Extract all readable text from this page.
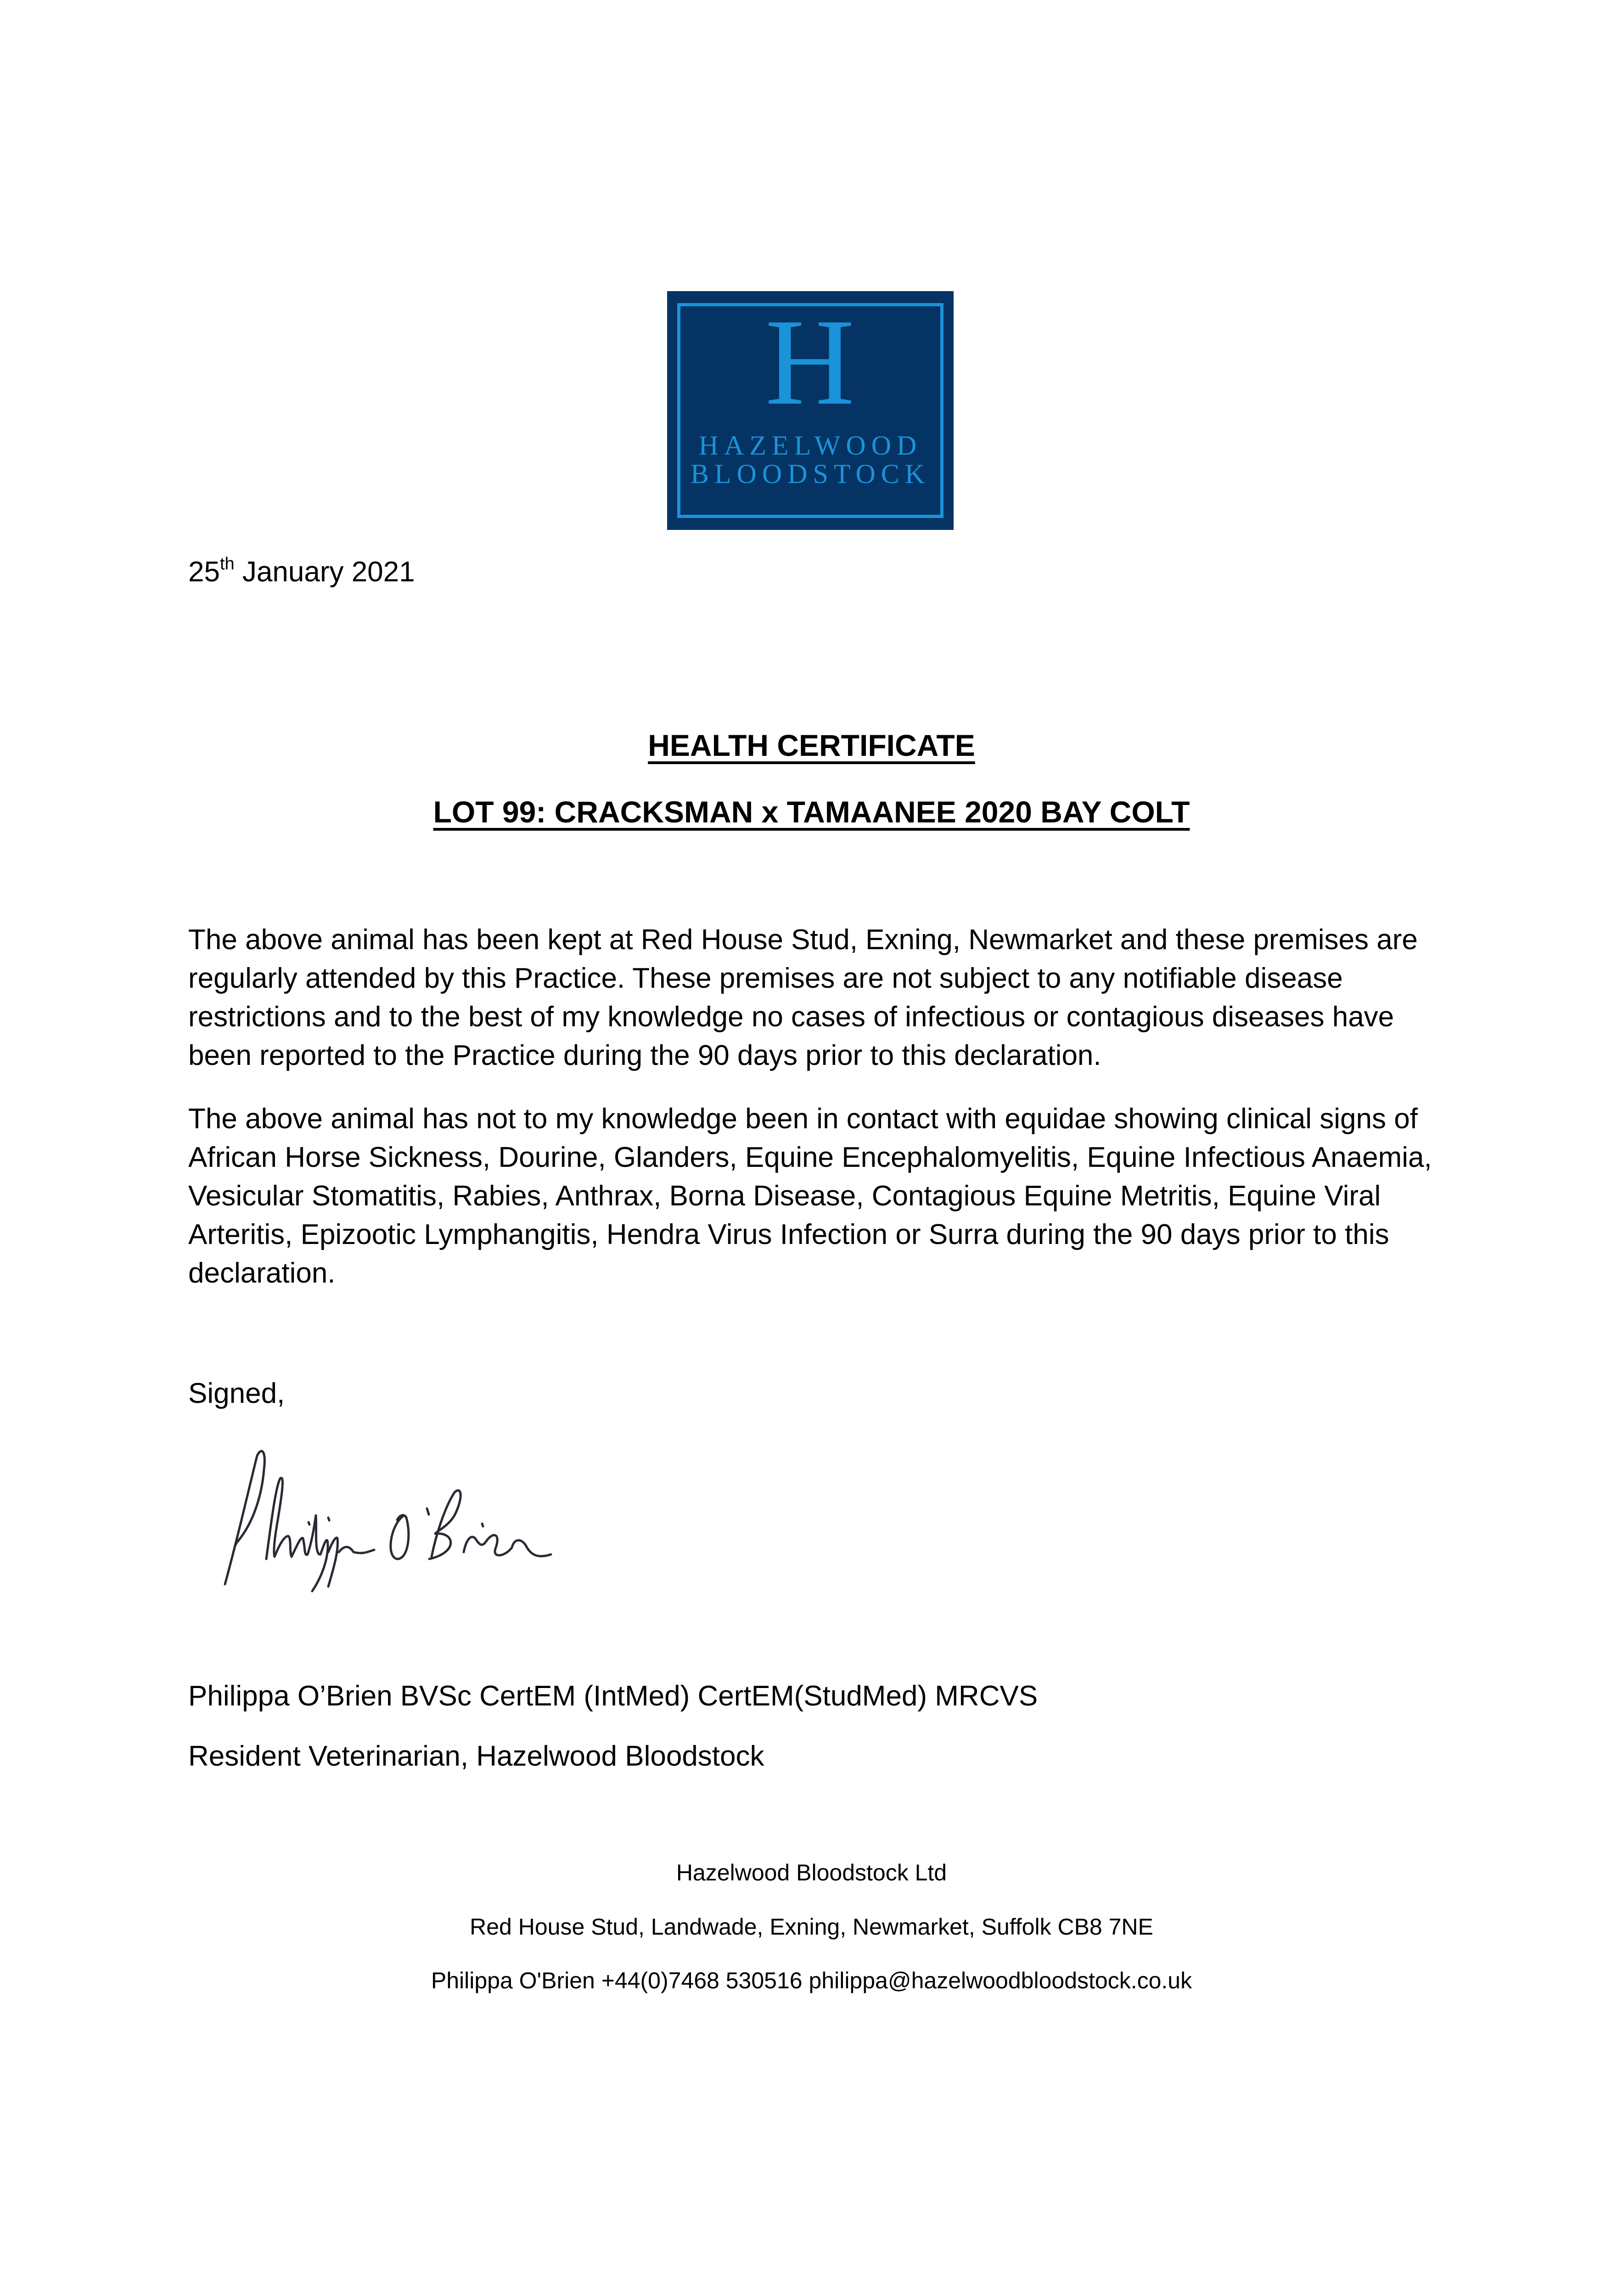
H
HAZELWOOD
BLOODSTOCK
25th January 2021
HEALTH CERTIFICATE
LOT 99: CRACKSMAN x TAMAANEE 2020 BAY COLT

The above animal has been kept at Red House Stud, Exning, Newmarket and these premises are regularly attended by this Practice. These premises are not subject to any notifiable disease restrictions and to the best of my knowledge no cases of infectious or contagious diseases have been reported to the Practice during the 90 days prior to this declaration.

The above animal has not to my knowledge been in contact with equidae showing clinical signs of African Horse Sickness, Dourine, Glanders, Equine Encephalomyelitis, Equine Infectious Anaemia, Vesicular Stomatitis, Rabies, Anthrax, Borna Disease, Contagious Equine Metritis, Equine Viral Arteritis, Epizootic Lymphangitis, Hendra Virus Infection or Surra during the 90 days prior to this declaration.

Signed,
Philippa O’Brien BVSc CertEM (IntMed) CertEM(StudMed) MRCVS
Resident Veterinarian, Hazelwood Bloodstock
Hazelwood Bloodstock Ltd
Red House Stud, Landwade, Exning, Newmarket, Suffolk CB8 7NE
Philippa O'Brien +44(0)7468 530516 philippa@hazelwoodbloodstock.co.uk
